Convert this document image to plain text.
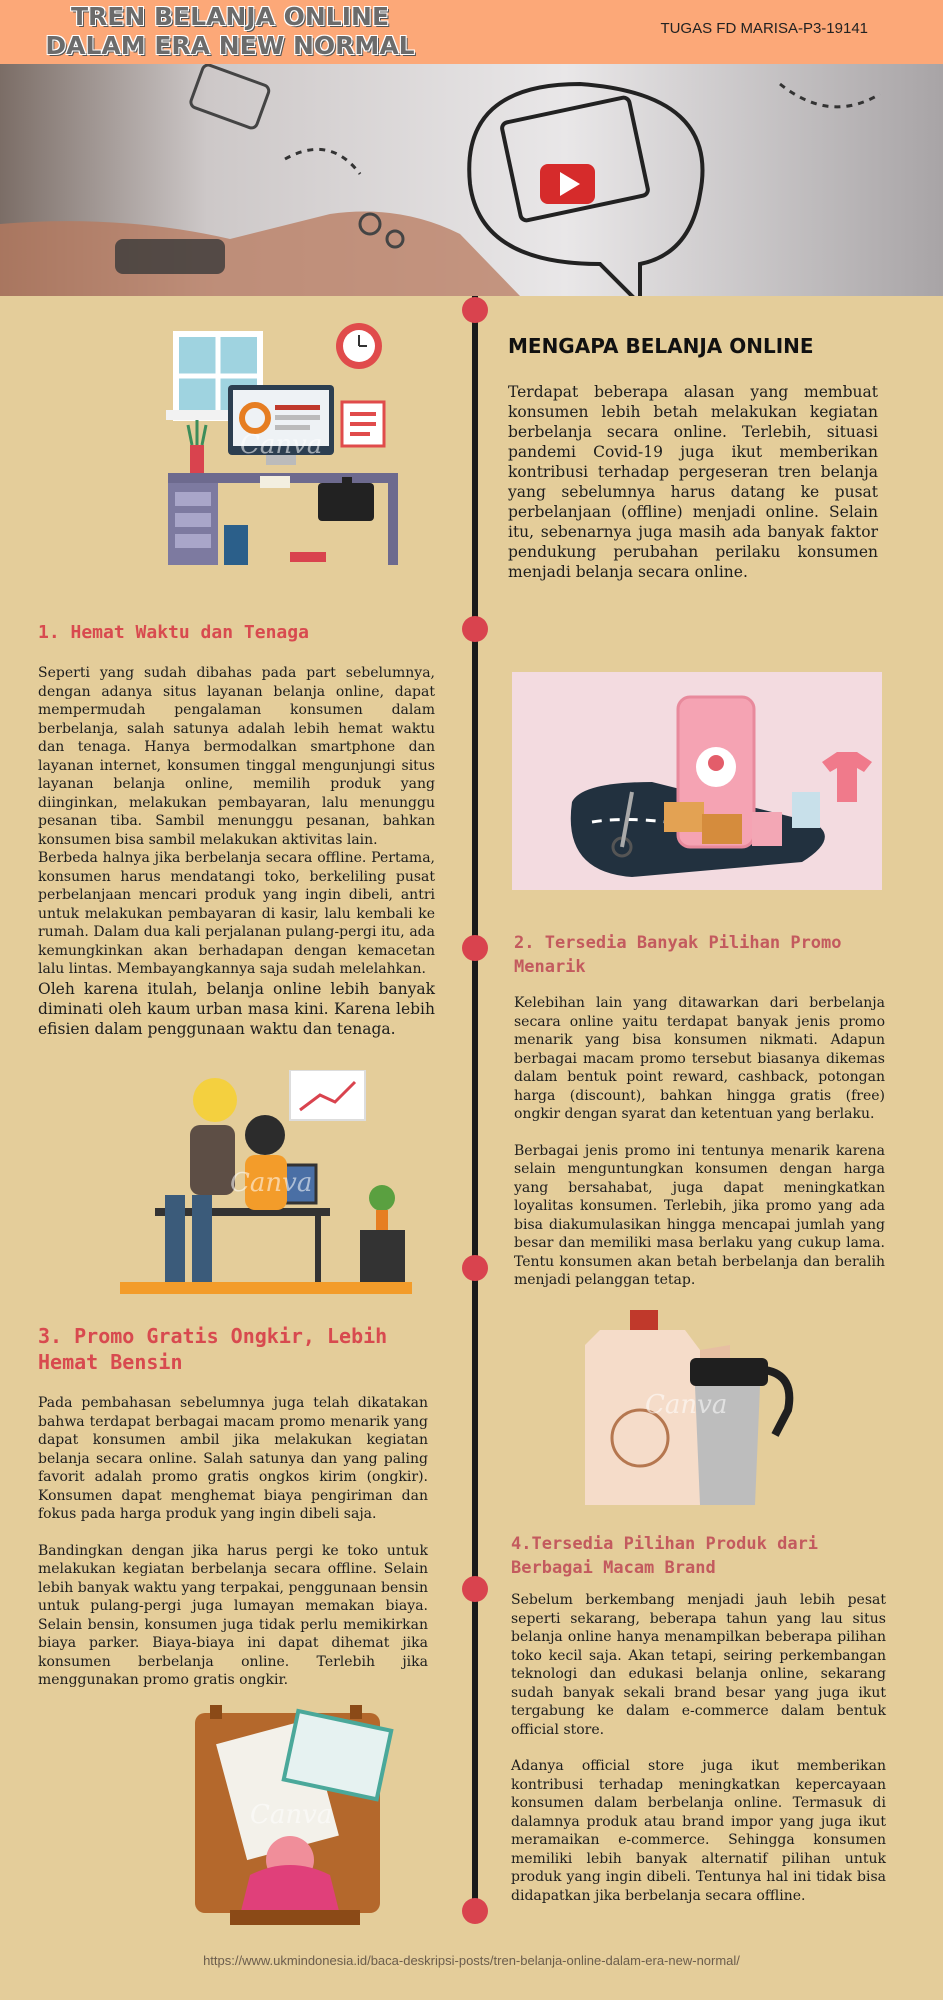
TREN BELANJA ONLINE
DALAM ERA NEW NORMAL
TUGAS FD MARISA-P3-19141
MENGAPA BELANJA ONLINE
Terdapat beberapa alasan yang membuat konsumen lebih betah melakukan kegiatan berbelanja secara online. Terlebih, situasi pandemi Covid-19 juga ikut memberikan kontribusi terhadap pergeseran tren belanja yang sebelumnya harus datang ke pusat perbelanjaan (offline) menjadi online. Selain itu, sebenarnya juga masih ada banyak faktor pendukung perubahan perilaku konsumen menjadi belanja secara online.
1. Hemat Waktu dan Tenaga

Seperti yang sudah dibahas pada part sebelumnya, dengan adanya situs layanan belanja online, dapat mempermudah pengalaman konsumen dalam berbelanja, salah satunya adalah lebih hemat waktu dan tenaga. Hanya bermodalkan smartphone dan layanan internet, konsumen tinggal mengunjungi situs layanan belanja online, memilih produk yang diinginkan, melakukan pembayaran, lalu menunggu pesanan tiba. Sambil menunggu pesanan, bahkan konsumen bisa sambil melakukan aktivitas lain.

Berbeda halnya jika berbelanja secara offline. Pertama, konsumen harus mendatangi toko, berkeliling pusat perbelanjaan mencari produk yang ingin dibeli, antri untuk melakukan pembayaran di kasir, lalu kembali ke rumah. Dalam dua kali perjalanan pulang-pergi itu, ada kemungkinkan akan berhadapan dengan kemacetan lalu lintas. Membayangkannya saja sudah melelahkan.

Oleh karena itulah, belanja online lebih banyak diminati oleh kaum urban masa kini. Karena lebih efisien dalam penggunaan waktu dan tenaga.

2. Tersedia Banyak Pilihan Promo Menarik

Kelebihan lain yang ditawarkan dari berbelanja secara online yaitu terdapat banyak jenis promo menarik yang bisa konsumen nikmati. Adapun berbagai macam promo tersebut biasanya dikemas dalam bentuk point reward, cashback, potongan harga (discount), bahkan hingga gratis (free) ongkir dengan syarat dan ketentuan yang berlaku.

Berbagai jenis promo ini tentunya menarik karena selain menguntungkan konsumen dengan harga yang bersahabat, juga dapat meningkatkan loyalitas konsumen. Terlebih, jika promo yang ada bisa diakumulasikan hingga mencapai jumlah yang besar dan memiliki masa berlaku yang cukup lama. Tentu konsumen akan betah berbelanja dan beralih menjadi pelanggan tetap.

3. Promo Gratis Ongkir, Lebih Hemat Bensin

Pada pembahasan sebelumnya juga telah dikatakan bahwa terdapat berbagai macam promo menarik yang dapat konsumen ambil jika melakukan kegiatan belanja secara online. Salah satunya dan yang paling favorit adalah promo gratis ongkos kirim (ongkir). Konsumen dapat menghemat biaya pengiriman dan fokus pada harga produk yang ingin dibeli saja.

Bandingkan dengan jika harus pergi ke toko untuk melakukan kegiatan berbelanja secara offline. Selain lebih banyak waktu yang terpakai, penggunaan bensin untuk pulang-pergi juga lumayan memakan biaya. Selain bensin, konsumen juga tidak perlu memikirkan biaya parker. Biaya-biaya ini dapat dihemat jika konsumen berbelanja online. Terlebih jika menggunakan promo gratis ongkir.

4.Tersedia Pilihan Produk dari Berbagai Macam Brand

Sebelum berkembang menjadi jauh lebih pesat seperti sekarang, beberapa tahun yang lau situs belanja online hanya menampilkan beberapa pilihan toko kecil saja. Akan tetapi, seiring perkembangan teknologi dan edukasi belanja online, sekarang sudah banyak sekali brand besar yang juga ikut tergabung ke dalam e-commerce dalam bentuk official store.

Adanya official store juga ikut memberikan kontribusi terhadap meningkatkan kepercayaan konsumen dalam berbelanja online. Termasuk di dalamnya produk atau brand impor yang juga ikut meramaikan e-commerce. Sehingga konsumen memiliki lebih banyak alternatif pilihan untuk produk yang ingin dibeli. Tentunya hal ini tidak bisa didapatkan jika berbelanja secara offline.

Canva
Canva
Canva
Canva
https://www.ukmindonesia.id/baca-deskripsi-posts/tren-belanja-online-dalam-era-new-normal/
